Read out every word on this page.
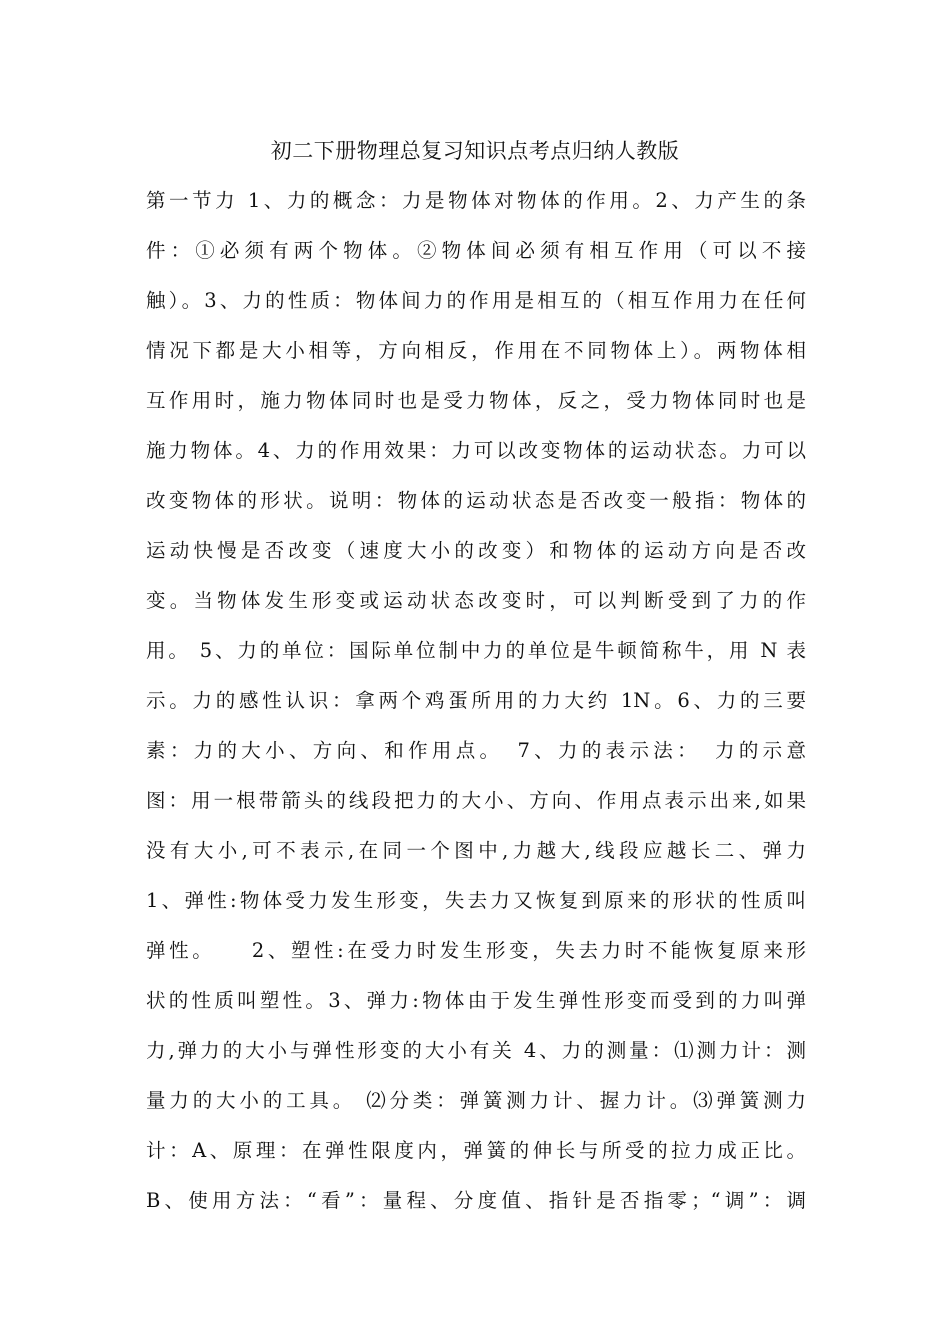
初二下册物理总复习知识点考点归纳人教版
第一节力 1、力的概念：力是物体对物体的作用。2、力产生的条
件：①必须有两个物体。②物体间必须有相互作用（可以不接
触）。3、力的性质：物体间力的作用是相互的（相互作用力在任何
情况下都是大小相等，方向相反，作用在不同物体上）。两物体相
互作用时，施力物体同时也是受力物体，反之，受力物体同时也是
施力物体。4、力的作用效果：力可以改变物体的运动状态。力可以
改变物体的形状。说明：物体的运动状态是否改变一般指：物体的
运动快慢是否改变（速度大小的改变）和物体的运动方向是否改
变。当物体发生形变或运动状态改变时，可以判断受到了力的作
用。 5、力的单位：国际单位制中力的单位是牛顿简称牛，用 N 表
示。力的感性认识：拿两个鸡蛋所用的力大约 1N。6、力的三要
素：力的大小、方向、和作用点。　7、力的表示法：　力的示意
图：用一根带箭头的线段把力的大小、方向、作用点表示出来,如果
没有大小,可不表示,在同一个图中,力越大,线段应越长二、弹力
1、弹性:物体受力发生形变，失去力又恢复到原来的形状的性质叫
弹性。　　2、塑性:在受力时发生形变，失去力时不能恢复原来形
状的性质叫塑性。3、弹力:物体由于发生弹性形变而受到的力叫弹
力,弹力的大小与弹性形变的大小有关 4、力的测量：⑴测力计：测
量力的大小的工具。 ⑵分类：弹簧测力计、握力计。⑶弹簧测力
计：A、原理：在弹性限度内，弹簧的伸长与所受的拉力成正比。
B、使用方法：“看”：量程、分度值、指针是否指零；“调”：调
